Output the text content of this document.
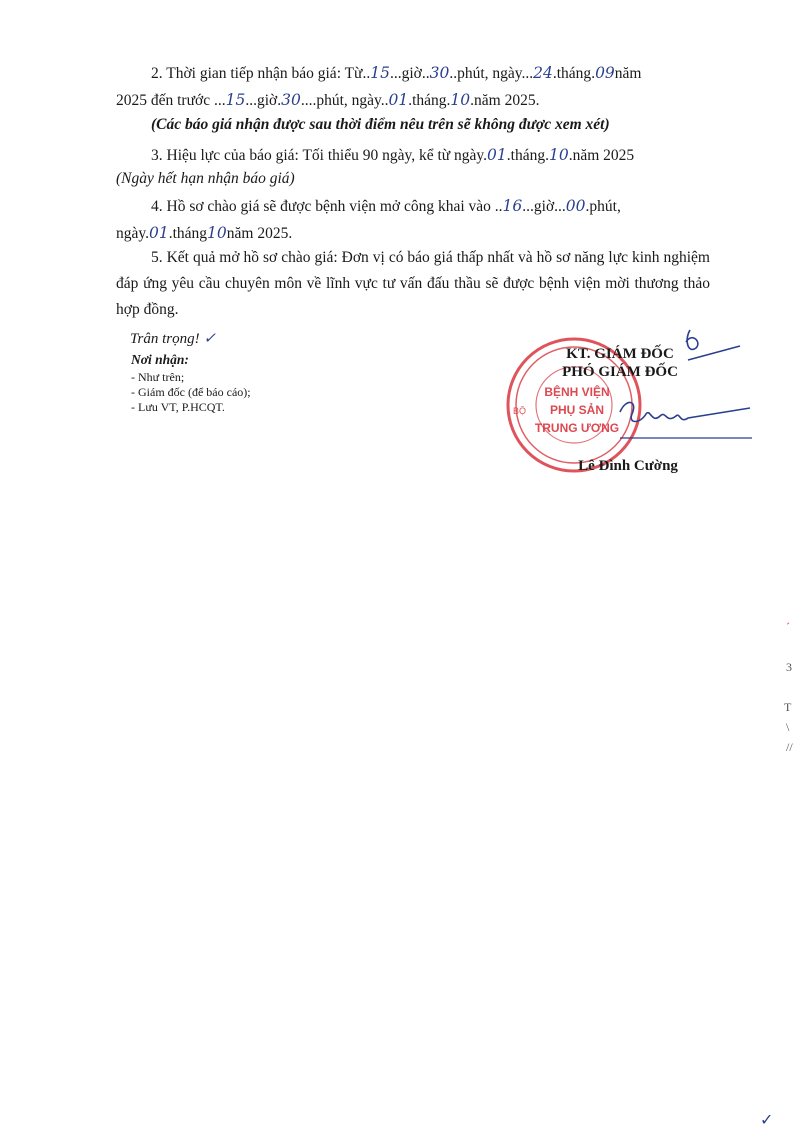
2. Thời gian tiếp nhận báo giá: Từ..15...giờ..30..phút, ngày...24.tháng.09năm
2025 đến trước ...15...giờ.30....phút, ngày..01.tháng.10.năm 2025.
(Các báo giá nhận được sau thời điểm nêu trên sẽ không được xem xét)
3. Hiệu lực của báo giá: Tối thiểu 90 ngày, kể từ ngày.01.tháng.10.năm 2025
(Ngày hết hạn nhận báo giá)
4. Hồ sơ chào giá sẽ được bệnh viện mở công khai vào ..16...giờ...00.phút,
ngày.01.tháng10năm 2025.
5. Kết quả mở hồ sơ chào giá: Đơn vị có báo giá thấp nhất và hồ sơ năng lực kinh nghiệm đáp ứng yêu cầu chuyên môn về lĩnh vực tư vấn đấu thầu sẽ được bệnh viện mời thương thảo hợp đồng.
Trân trọng! ✓
Nơi nhận:
- Như trên;
- Giám đốc (để báo cáo);
- Lưu VT, P.HCQT.	BỘ
BỆNH VIỆN
PHỤ SẢN
TRUNG ƯƠNG
KT. GIÁM ĐỐC
PHÓ GIÁM ĐỐC
Lê Đình Cường
ˊ
3
T
\
//
✓
